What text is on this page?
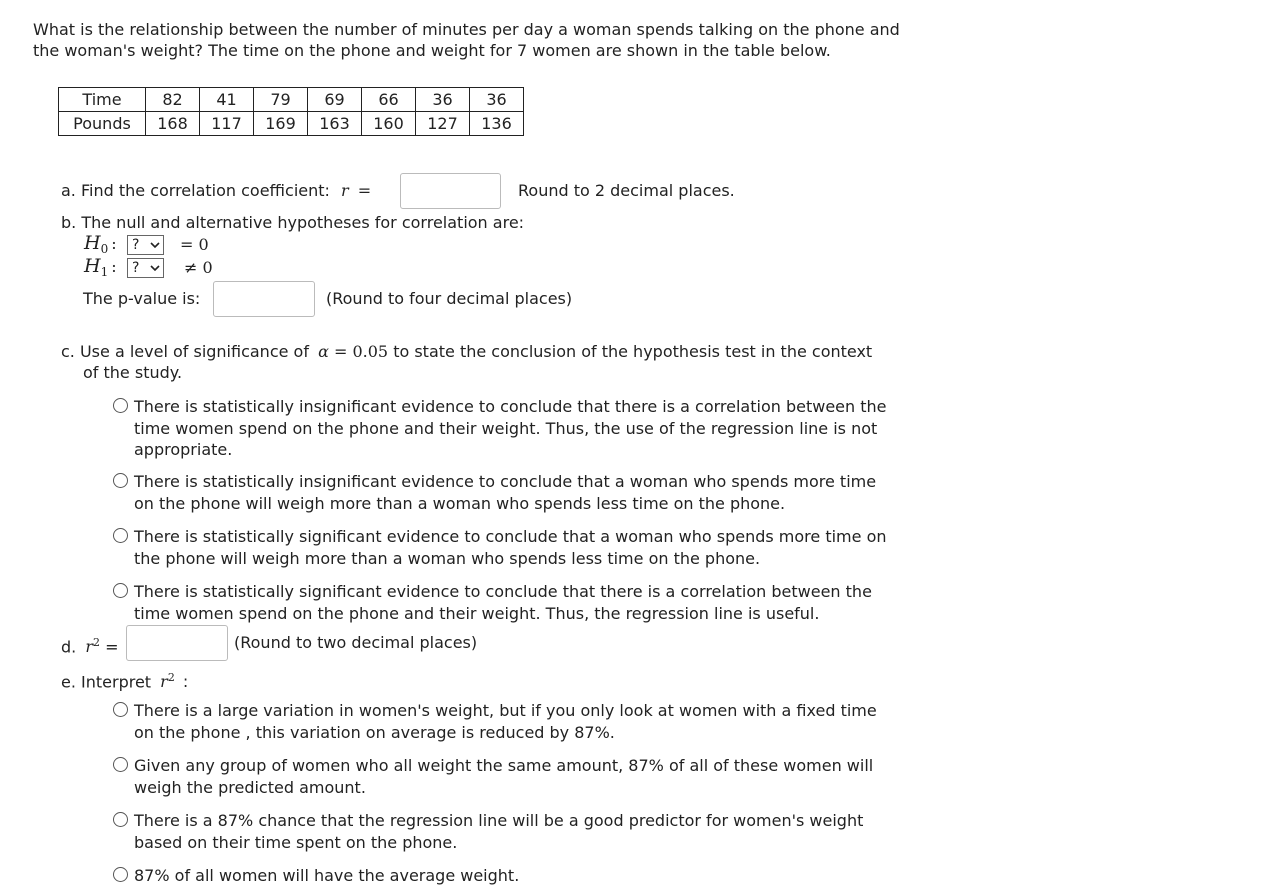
What is the relationship between the number of minutes per day a woman spends talking on the phone and
the woman's weight? The time on the phone and weight for 7 women are shown in the table below.
Time	82	41	79	69	66	36	36
Pounds	168	117	169	163	160	127	136
a. Find the correlation coefficient: r =	Round to 2 decimal places.
b. The null and alternative hypotheses for correlation are:
$H_0$ :	?	= 0
$H_1$ :	?	≠ 0
The p-value is:	(Round to four decimal places)
c. Use a level of significance of α = 0.05 to state the conclusion of the hypothesis test in the context
of the study.
There is statistically insignificant evidence to conclude that there is a correlation between the
time women spend on the phone and their weight. Thus, the use of the regression line is not
appropriate.
There is statistically insignificant evidence to conclude that a woman who spends more time
on the phone will weigh more than a woman who spends less time on the phone.
There is statistically significant evidence to conclude that a woman who spends more time on
the phone will weigh more than a woman who spends less time on the phone.
There is statistically significant evidence to conclude that there is a correlation between the
time women spend on the phone and their weight. Thus, the regression line is useful.
d. $r^2$ =	(Round to two decimal places)
e. Interpret $r^2$ :
There is a large variation in women's weight, but if you only look at women with a fixed time
on the phone , this variation on average is reduced by 87%.
Given any group of women who all weight the same amount, 87% of all of these women will
weigh the predicted amount.
There is a 87% chance that the regression line will be a good predictor for women's weight
based on their time spent on the phone.
87% of all women will have the average weight.
